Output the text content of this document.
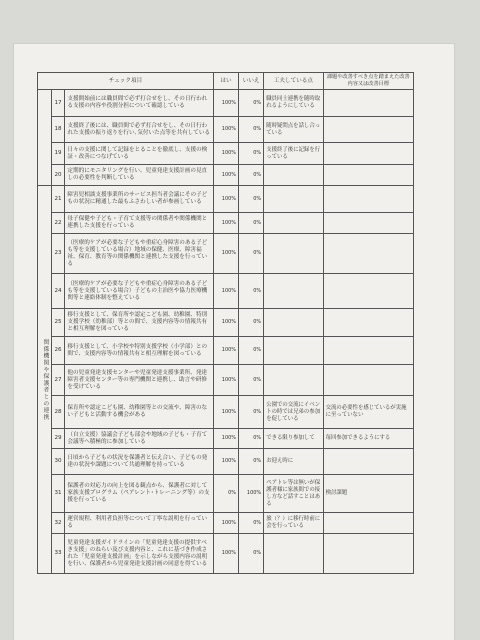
チェック項目			はい	いいえ	工夫している点	課題や改善すべき点を踏まえた改善内容又は改善目標
	17	支援開始前には職員間で必ず打合せをし、その日行われる支援の内容や役割分担について確認している	100%	0%	職員同士連携を随時取れるようにしている	
	18	支援終了後には、職員間で必ず打合せをし、その日行われた支援の振り返りを行い､気付いた点等を共有している	100%	0%	随時疑問点を話し合っている	
	19	日々の支援に関して記録をとることを徹底し、支援の検証・改善につなげている	100%	0%	支援終了後に記録を行っている	
	20	定期的にモニタリングを行い、児童発達支援計画の見直しの必要性を判断している	100%	0%		
関係機関や保護者との連携	21	障害児相談支援事業所のサービス担当者会議にその子どもの状況に精通した最もふさわしい者が参画している	100%	0%		
	22	母子保健や子ども・子育て支援等の関係者や関係機関と連携した支援を行っている	100%	0%		
	23	（医療的ケアが必要な子どもや重症心身障害のある子ども等を支援している場合）地域の保健、医療、障害福祉、保育、教育等の関係機関と連携した支援を行っている	100%	0%		
	24	（医療的ケアが必要な子どもや重症心身障害のある子ども等を支援している場合）子どもの主治医や協力医療機関等と連絡体制を整えている	100%	0%		
	25	移行支援として、保育所や認定こども園、幼稚園、特別支援学校（幼稚部）等との間で、支援内容等の情報共有と相互理解を図っている	100%	0%		
	26	移行支援として、小学校や特別支援学校（小学部）との間で、支援内容等の情報共有と相互理解を図っている	100%	0%		
	27	他の児童発達支援センターや児童発達支援事業所、発達障害者支援センター等の専門機関と連携し、助言や研修を受けている	100%	0%		
	28	保育所や認定こども園、幼稚園等との交流や、障害のない子どもと活動する機会がある	100%	0%	公園での交流にイベントの時では兄弟の参加を促している	交流の必要性を感じているが実施に至っていない
	29	（自立支援）協議会子ども部会や地域の子ども・子育て会議等へ積極的に参加している	100%	0%	できる限り参加して	毎回参加できるようにする
	30	日頃から子どもの状況を保護者と伝え合い、子どもの発達の状況や課題について共通理解を持っている	100%	0%	お迎え時に	
	31	保護者の対応力の向上を図る観点から、保護者に対して家族支援プログラム（ペアレント･トレーニング等）の支援を行っている	0%	100%	ペアトレ等は無いが保護者様に家族間での接し方など話すことはある	検討課題
	32	運営規程、利用者負担等について丁寧な説明を行っている	100%	0%	旅（？）に移行時前に会を行っている	
	33	児童発達支援ガイドラインの「児童発達支援の提供すべき支援」のねらい及び支援内容と、これに基づき作成された「児童発達支援計画」を示しながら支援内容の説明を行い、保護者から児童発達支援計画の同意を得ている	100%	0%		
